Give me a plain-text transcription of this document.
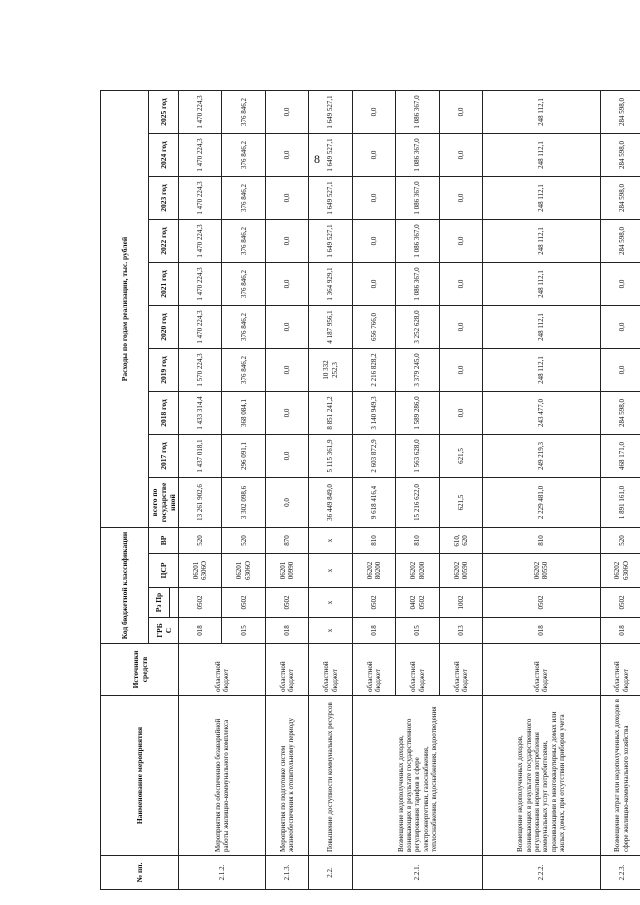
8
№ пп.	Наименование мероприятия	Источники средств	Код бюджетной классификации				Расходы по годам реализации, тыс. рублей									
			ГРБС	Рз Пр	ЦСР	ВР	всего по государственной	2017 год	2018 год	2019 год	2020 год	2021 год	2022 год	2023 год	2024 год	2025 год

2.1.2.	Мероприятия по обеспечению безаварийной работы жилищно-коммунального комплекса	областной бюджет	018	0502	06201 6306О	520	13 261 902,6	1 437 018,1	1 433 314,4	1 570 224,3	1 470 224,3	1 470 224,3	1 470 224,3	1 470 224,3	1 470 224,3	1 470 224,3
			015	0502	06201 6306О	520	3 302 098,6	296 091,1	368 084,1	376 846,2	376 846,2	376 846,2	376 846,2	376 846,2	376 846,2	376 846,2
2.1.3.	Мероприятия по подготовке систем жизнеобеспечения к отопительному периоду	областной бюджет	018	0502	06201 00990	870	0,0	0,0	0,0	0,0	0,0	0,0	0,0	0,0	0,0	0,0
2.2.	Повышение доступности коммунальных ресурсов	областной бюджет	x	x	x	x	36 449 849,0	5 115 361,9	8 851 241,2	10 332 252,3	4 187 956,1	1 364 929,1	1 649 527,1	1 649 527,1	1 649 527,1	1 649 527,1
2.2.1.	Возмещение недополученных доходов, возникающих в результате государственного регулирования тарифов в сфере электроэнергетики, газоснабжения, теплоснабжения, водоснабжения, водоотведения	областной бюджет	018	0502	06202 80200	810	9 618 416,4	2 603 872,9	3 140 949,3	2 216 828,2	656 766,0	0,0	0,0	0,0	0,0	0,0
		областной бюджет	015	0402 0502	06202 80200	810	15 216 622,0	1 563 628,0	1 589 286,0	3 379 245,0	3 252 628,0	1 086 367,0	1 086 367,0	1 086 367,0	1 086 367,0	1 086 367,0
		областной бюджет	013	1002	06202 00590	610, 620	621,5	621,5	0,0	0,0	0,0	0,0	0,0	0,0	0,0	0,0
2.2.2.	Возмещение недополученных доходов, возникающих в результате государственного регулирования нормативов потребления коммунальных услуг потребителями, проживающими в многоквартирных домах или жилых домах, при отсутствии приборов учета	областной бюджет	018	0502	06202 80550	810	2 229 481,0	249 219,3	243 477,0	248 112,1	248 112,1	248 112,1	248 112,1	248 112,1	248 112,1	248 112,1
2.2.3.	Возмещение затрат или недополученных доходов в сфере жилищно-коммунального хозяйства	областной бюджет	018	0502	06202 6306О	520	1 891 161,0	468 171,0	284 598,0	0,0	0,0	0,0	284 598,0	284 598,0	284 598,0	284 598,0
